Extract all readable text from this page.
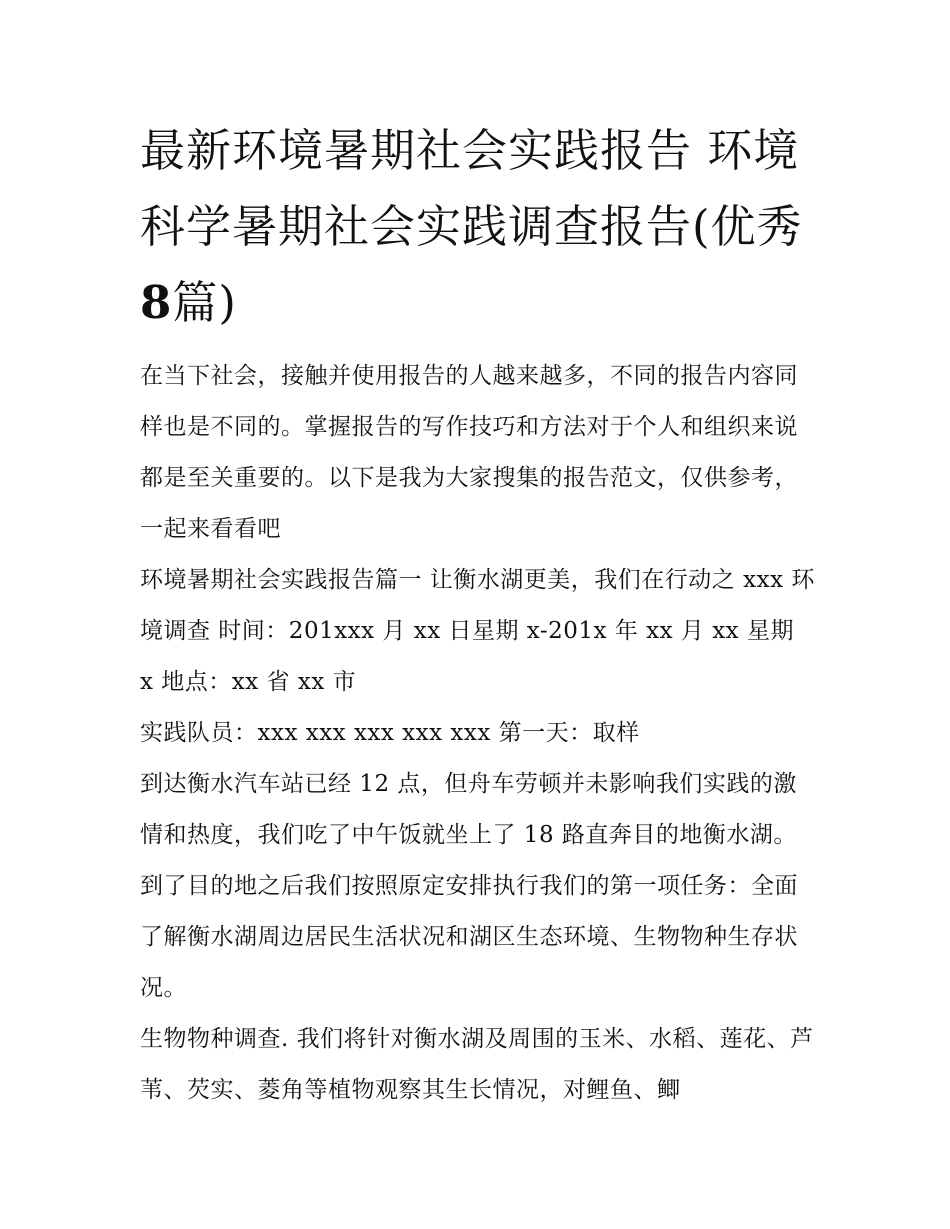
最新环境暑期社会实践报告 环境科学暑期社会实践调查报告(优秀8篇)

在当下社会，接触并使用报告的人越来越多，不同的报告内容同样也是不同的。掌握报告的写作技巧和方法对于个人和组织来说都是至关重要的。以下是我为大家搜集的报告范文，仅供参考，一起来看看吧

环境暑期社会实践报告篇一 让衡水湖更美，我们在行动之 xxx 环境调查 时间：201xxx 月 xx 日星期 x-201x 年 xx 月 xx 星期 x 地点：xx 省 xx 市

实践队员：xxx xxx xxx xxx xxx 第一天：取样

到达衡水汽车站已经 12 点，但舟车劳顿并未影响我们实践的激情和热度，我们吃了中午饭就坐上了 18 路直奔目的地衡水湖。到了目的地之后我们按照原定安排执行我们的第一项任务：全面了解衡水湖周边居民生活状况和湖区生态环境、生物物种生存状况。

生物物种调查. 我们将针对衡水湖及周围的玉米、水稻、莲花、芦苇、芡实、菱角等植物观察其生长情况，对鲤鱼、鲫
